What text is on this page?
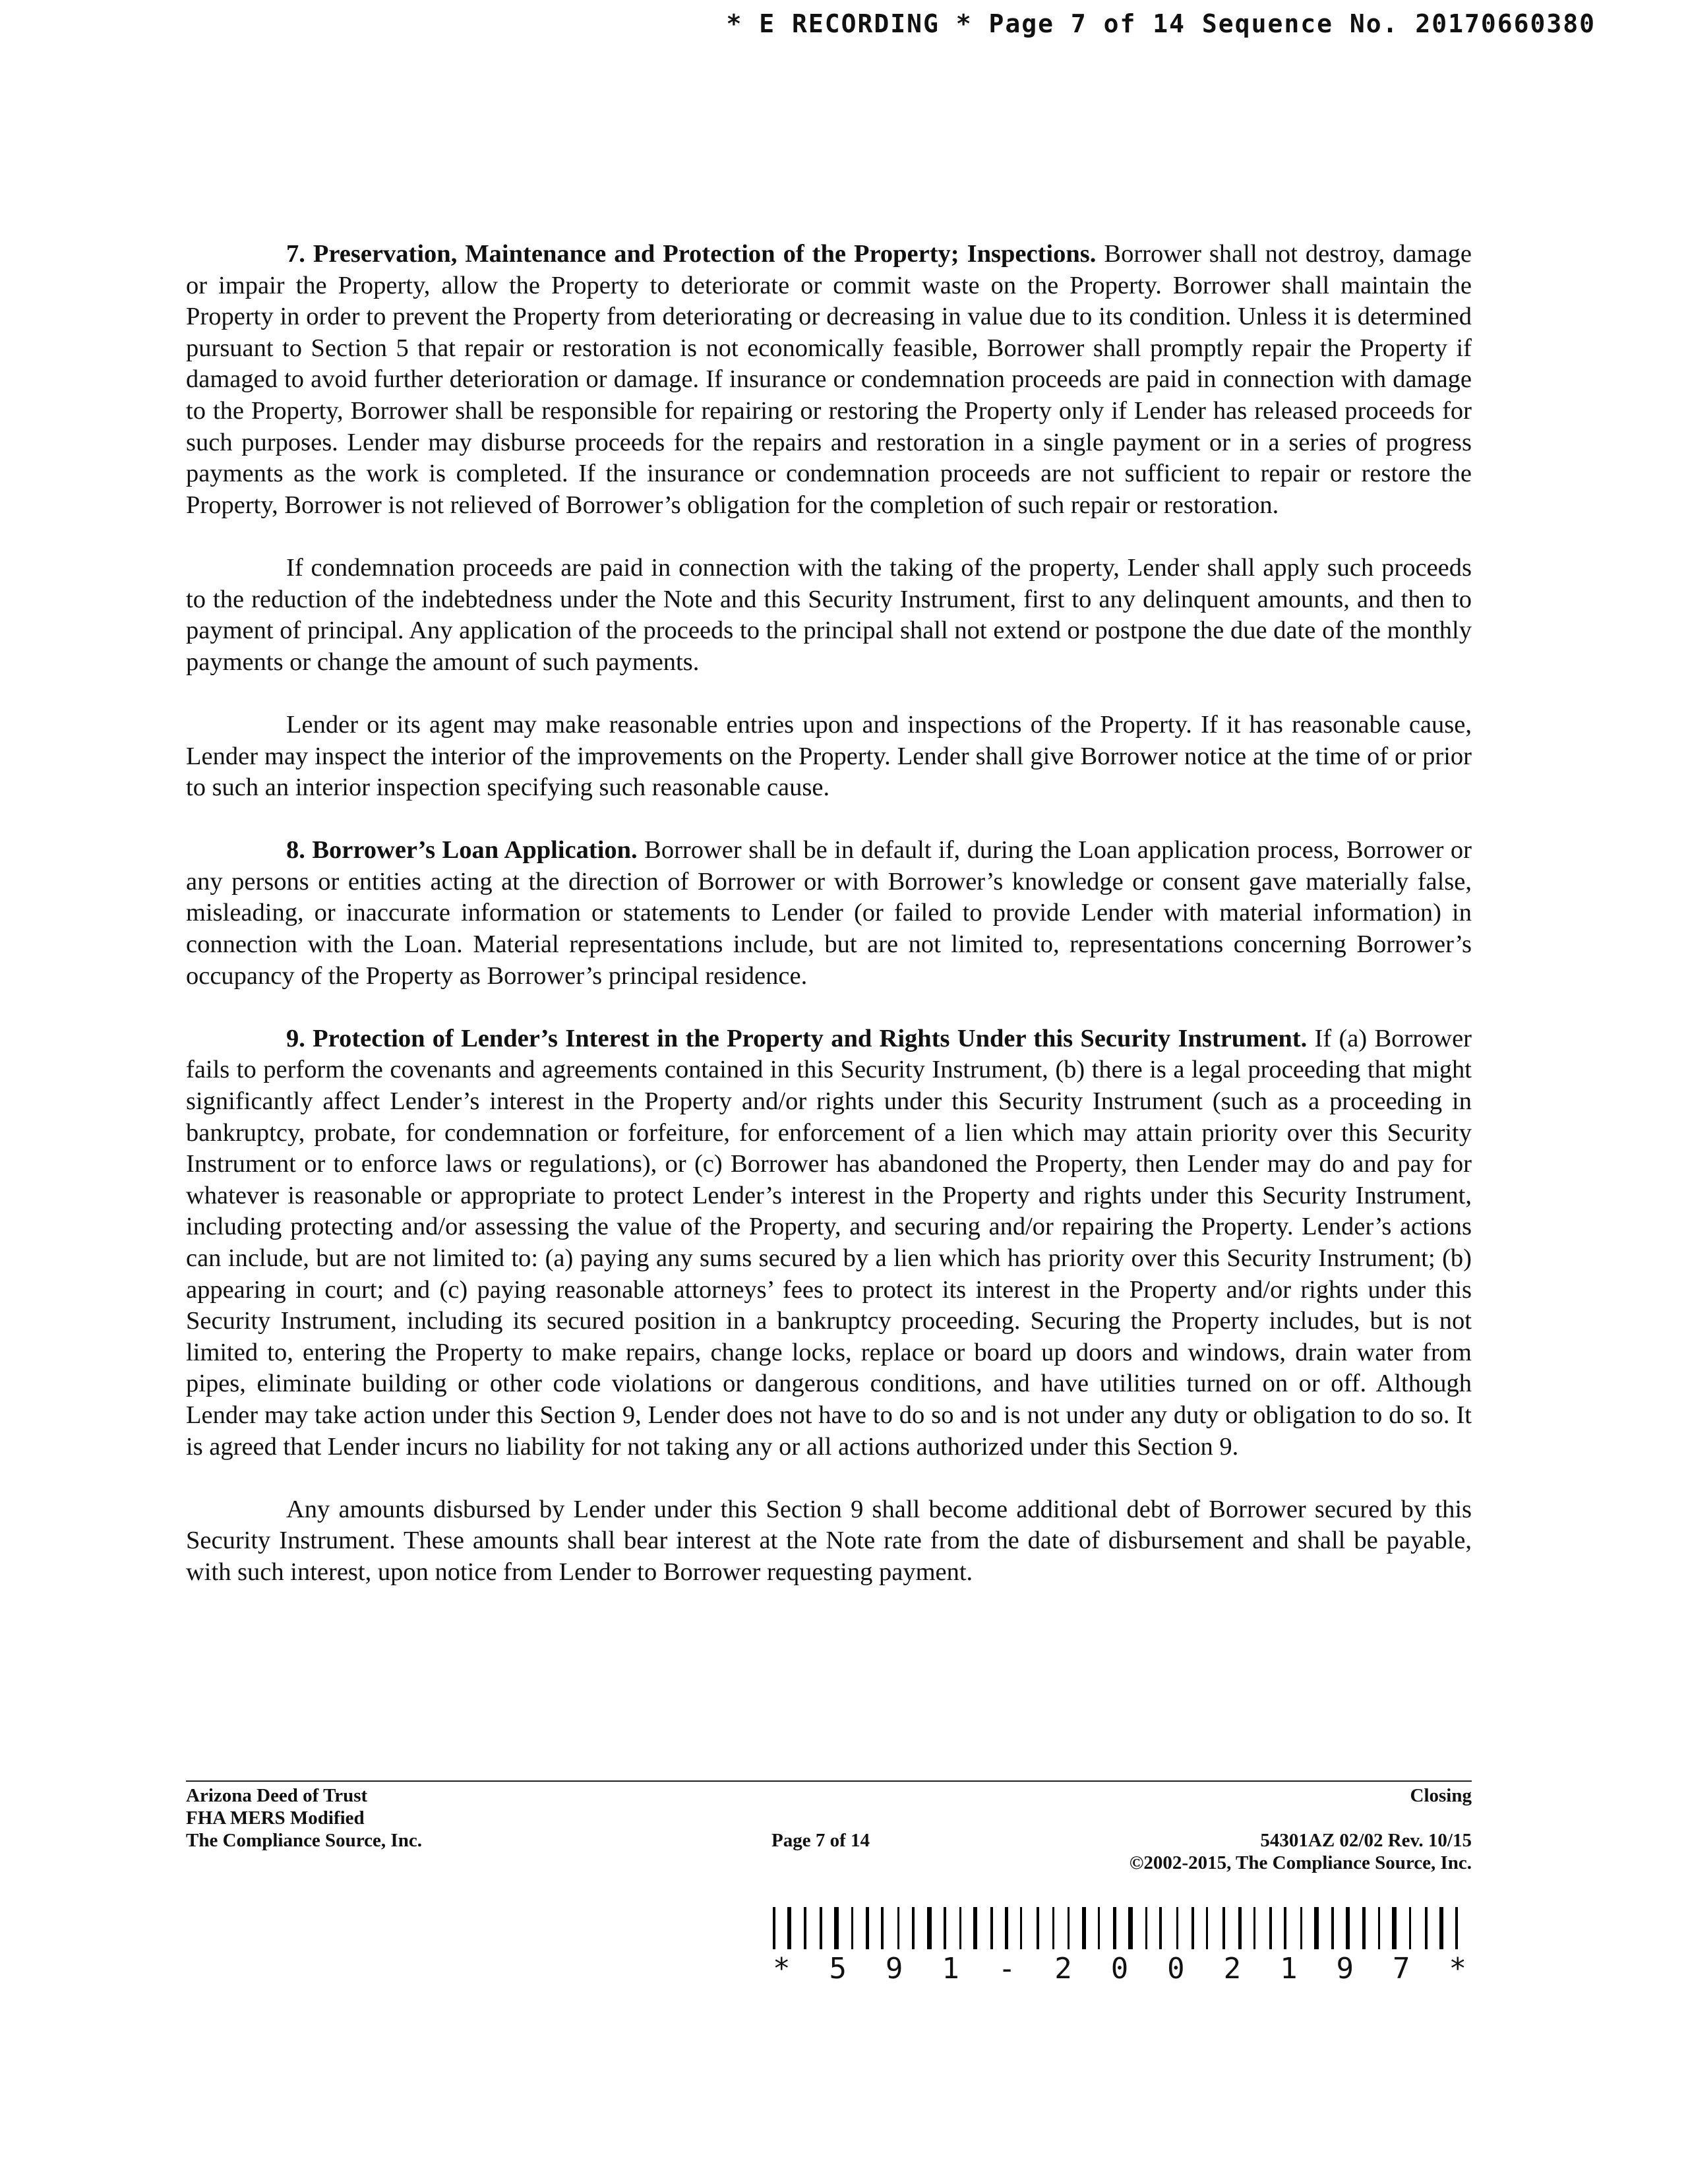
* E RECORDING * Page 7 of 14 Sequence No. 20170660380

7. Preservation, Maintenance and Protection of the Property; Inspections. Borrower shall not destroy, damage or impair the Property, allow the Property to deteriorate or commit waste on the Property. Borrower shall maintain the Property in order to prevent the Property from deteriorating or decreasing in value due to its condition. Unless it is determined pursuant to Section 5 that repair or restoration is not economically feasible, Borrower shall promptly repair the Property if damaged to avoid further deterioration or damage. If insurance or condemnation proceeds are paid in connection with damage to the Property, Borrower shall be responsible for repairing or restoring the Property only if Lender has released proceeds for such purposes. Lender may disburse proceeds for the repairs and restoration in a single payment or in a series of progress payments as the work is completed. If the insurance or condemnation proceeds are not sufficient to repair or restore the Property, Borrower is not relieved of Borrower’s obligation for the completion of such repair or restoration.

If condemnation proceeds are paid in connection with the taking of the property, Lender shall apply such proceeds to the reduction of the indebtedness under the Note and this Security Instrument, first to any delinquent amounts, and then to payment of principal. Any application of the proceeds to the principal shall not extend or postpone the due date of the monthly payments or change the amount of such payments.

Lender or its agent may make reasonable entries upon and inspections of the Property. If it has reasonable cause, Lender may inspect the interior of the improvements on the Property. Lender shall give Borrower notice at the time of or prior to such an interior inspection specifying such reasonable cause.

8. Borrower’s Loan Application. Borrower shall be in default if, during the Loan application process, Borrower or any persons or entities acting at the direction of Borrower or with Borrower’s knowledge or consent gave materially false, misleading, or inaccurate information or statements to Lender (or failed to provide Lender with material information) in connection with the Loan. Material representations include, but are not limited to, representations concerning Borrower’s occupancy of the Property as Borrower’s principal residence.

9. Protection of Lender’s Interest in the Property and Rights Under this Security Instrument. If (a) Borrower fails to perform the covenants and agreements contained in this Security Instrument, (b) there is a legal proceeding that might significantly affect Lender’s interest in the Property and/or rights under this Security Instrument (such as a proceeding in bankruptcy, probate, for condemnation or forfeiture, for enforcement of a lien which may attain priority over this Security Instrument or to enforce laws or regulations), or (c) Borrower has abandoned the Property, then Lender may do and pay for whatever is reasonable or appropriate to protect Lender’s interest in the Property and rights under this Security Instrument, including protecting and/or assessing the value of the Property, and securing and/or repairing the Property. Lender’s actions can include, but are not limited to: (a) paying any sums secured by a lien which has priority over this Security Instrument; (b) appearing in court; and (c) paying reasonable attorneys’ fees to protect its interest in the Property and/or rights under this Security Instrument, including its secured position in a bankruptcy proceeding. Securing the Property includes, but is not limited to, entering the Property to make repairs, change locks, replace or board up doors and windows, drain water from pipes, eliminate building or other code violations or dangerous conditions, and have utilities turned on or off. Although Lender may take action under this Section 9, Lender does not have to do so and is not under any duty or obligation to do so. It is agreed that Lender incurs no liability for not taking any or all actions authorized under this Section 9.

Any amounts disbursed by Lender under this Section 9 shall become additional debt of Borrower secured by this Security Instrument. These amounts shall bear interest at the Note rate from the date of disbursement and shall be payable, with such interest, upon notice from Lender to Borrower requesting payment.

Arizona Deed of Trust
FHA MERS Modified
The Compliance Source, Inc.	Page 7 of 14
Closing
54301AZ 02/02 Rev. 10/15
©2002-2015, The Compliance Source, Inc.
* 5 9 1 - 2 0 0 2 1 9 7 *
